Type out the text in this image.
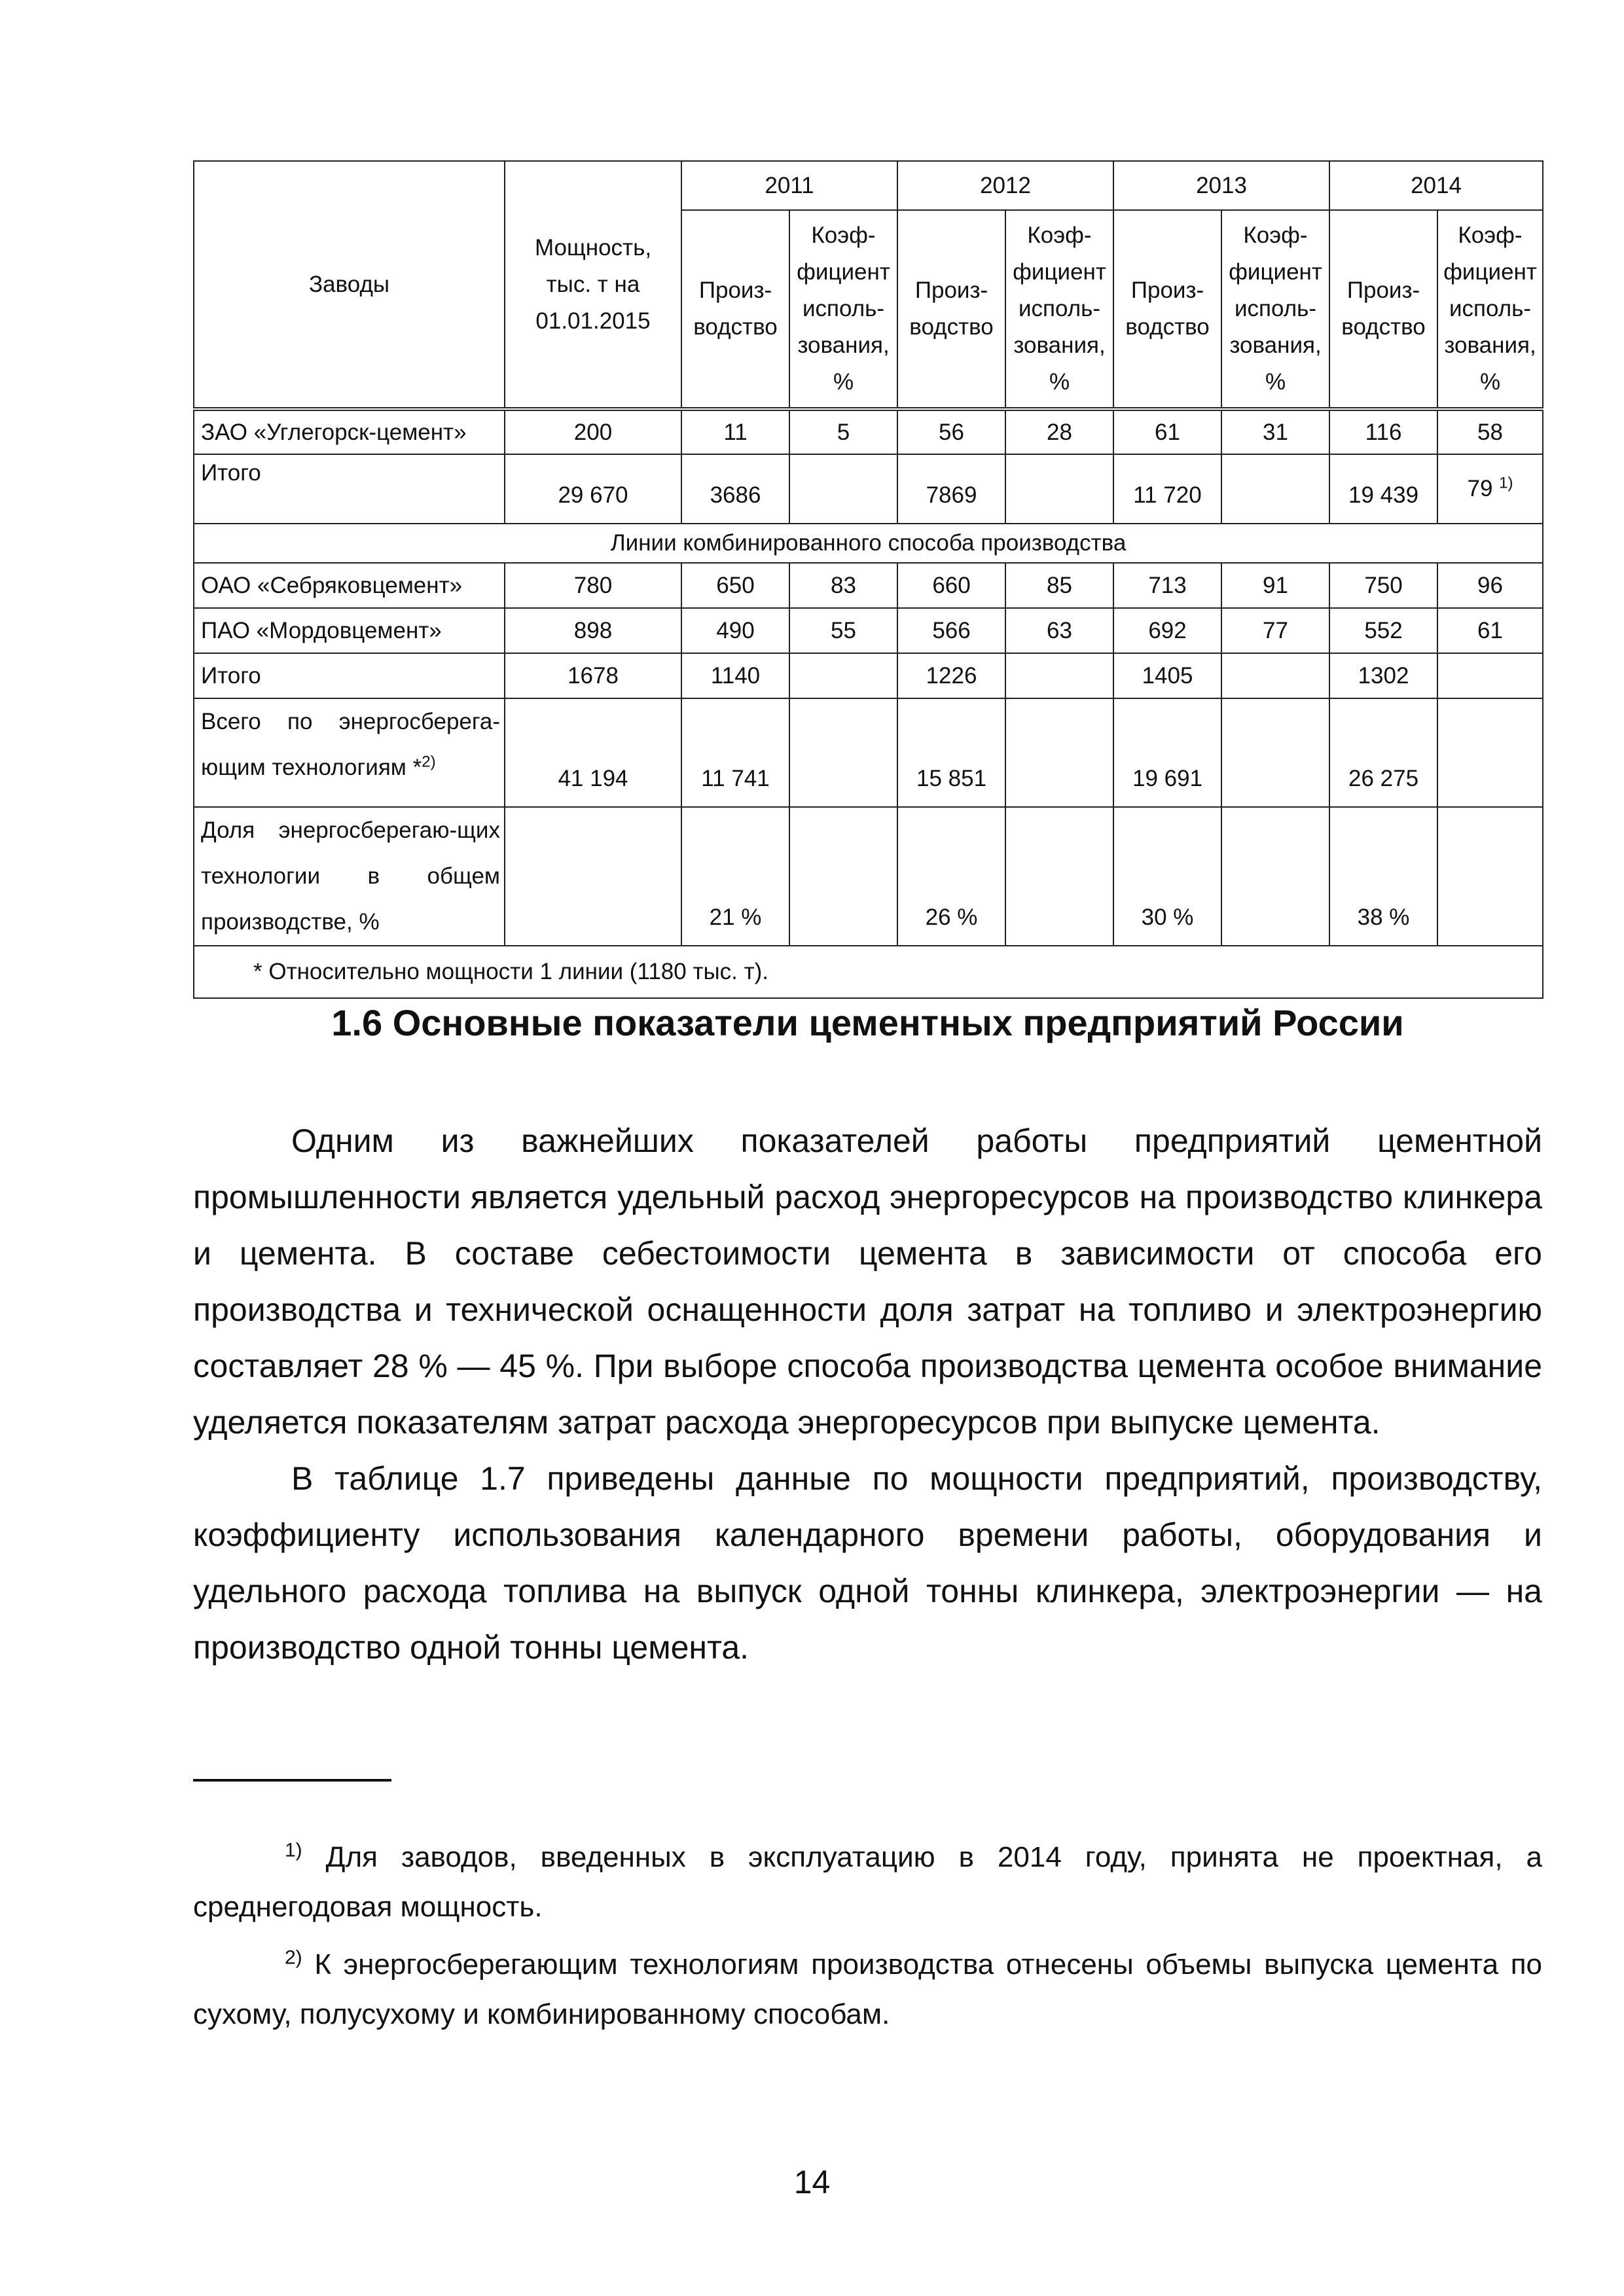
Заводы	Мощность, тыс. т на 01.01.2015	2011		2012		2013		2014	
		Произ-водство	Коэф-фициент исполь-зования, %	Произ-водство	Коэф-фициент исполь-зования, %	Произ-водство	Коэф-фициент исполь-зования, %	Произ-водство	Коэф-фициент исполь-зования, %
ЗАО «Углегорск-цемент»	200	11	5	56	28	61	31	116	58
Итого	29 670	3686		7869		11 720		19 439	79 $^{1)}$
Линии комбинированного способа производства									
ОАО «Себряковцемент»	780	650	83	660	85	713	91	750	96
ПАО «Мордовцемент»	898	490	55	566	63	692	77	552	61
Итого	1678	1140		1226		1405		1302	

Всего по энергосберега-ющим технологиям *$^{2)}$	41 194	11 741		15 851		19 691		26 275	

Доля энергосберегаю-щих технологии в общем производстве, %		21 %		26 %		30 %		38 %	
* Относительно мощности 1 линии (1180 тыс. т).									
1.6 Основные показатели цементных предприятий России

Одним из важнейших показателей работы предприятий цементной промышленности является удельный расход энергоресурсов на производство клинкера и цемента. В составе себестоимости цемента в зависимости от способа его производства и технической оснащенности доля затрат на топливо и электроэнергию составляет 28 % — 45 %. При выборе способа производства цемента особое внимание уделяется показателям затрат расхода энергоресурсов при выпуске цемента.

В таблице 1.7 приведены данные по мощности предприятий, производству, коэффициенту использования календарного времени работы, оборудования и удельного расхода топлива на выпуск одной тонны клинкера, электроэнергии — на производство одной тонны цемента.

$^{1)}$ Для заводов, введенных в эксплуатацию в 2014 году, принята не проектная, а среднегодовая мощность.

$^{2)}$ К энергосберегающим технологиям производства отнесены объемы выпуска цемента по сухому, полусухому и комбинированному способам.

14
